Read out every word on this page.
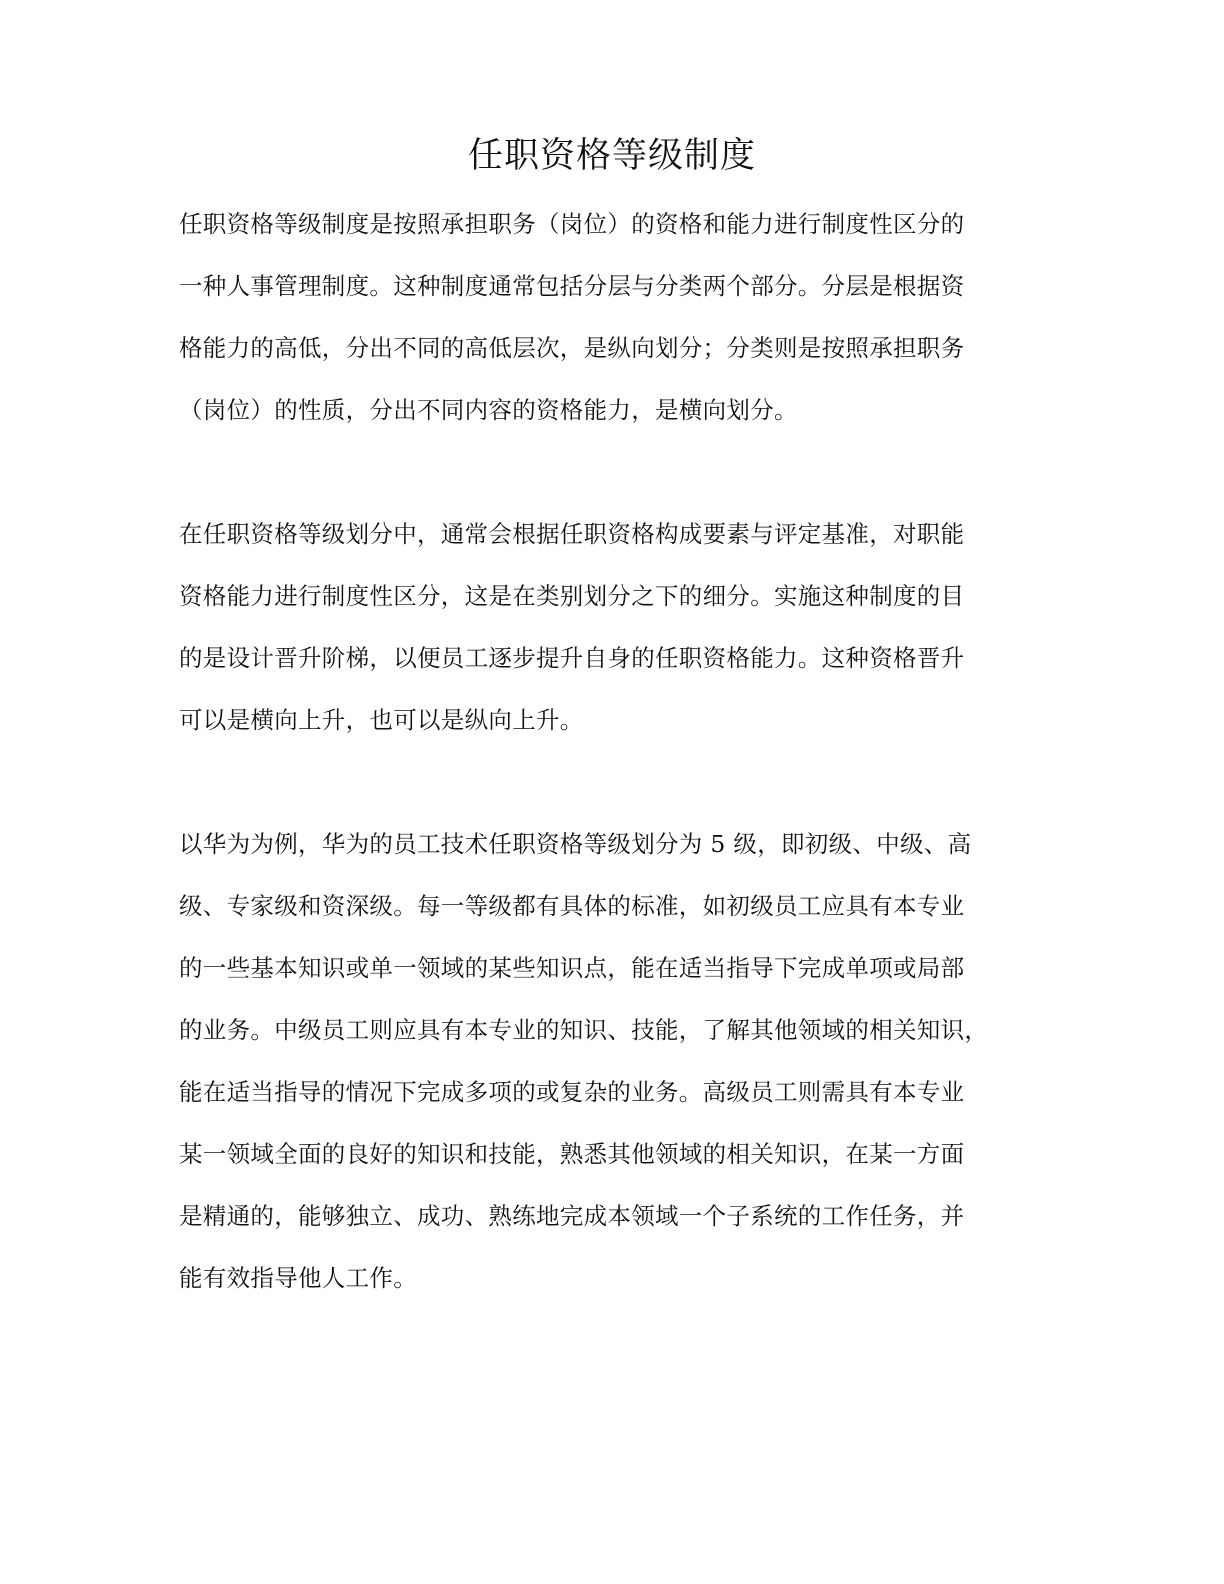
任职资格等级制度
任职资格等级制度是按照承担职务（岗位）的资格和能力进行制度性区分的
一种人事管理制度。这种制度通常包括分层与分类两个部分。分层是根据资
格能力的高低，分出不同的高低层次，是纵向划分；分类则是按照承担职务
（岗位）的性质，分出不同内容的资格能力，是横向划分。
在任职资格等级划分中，通常会根据任职资格构成要素与评定基准，对职能
资格能力进行制度性区分，这是在类别划分之下的细分。实施这种制度的目
的是设计晋升阶梯，以便员工逐步提升自身的任职资格能力。这种资格晋升
可以是横向上升，也可以是纵向上升。
以华为为例，华为的员工技术任职资格等级划分为 5 级，即初级、中级、高
级、专家级和资深级。每一等级都有具体的标准，如初级员工应具有本专业
的一些基本知识或单一领域的某些知识点，能在适当指导下完成单项或局部
的业务。中级员工则应具有本专业的知识、技能，了解其他领域的相关知识，
能在适当指导的情况下完成多项的或复杂的业务。高级员工则需具有本专业
某一领域全面的良好的知识和技能，熟悉其他领域的相关知识，在某一方面
是精通的，能够独立、成功、熟练地完成本领域一个子系统的工作任务，并
能有效指导他人工作。
